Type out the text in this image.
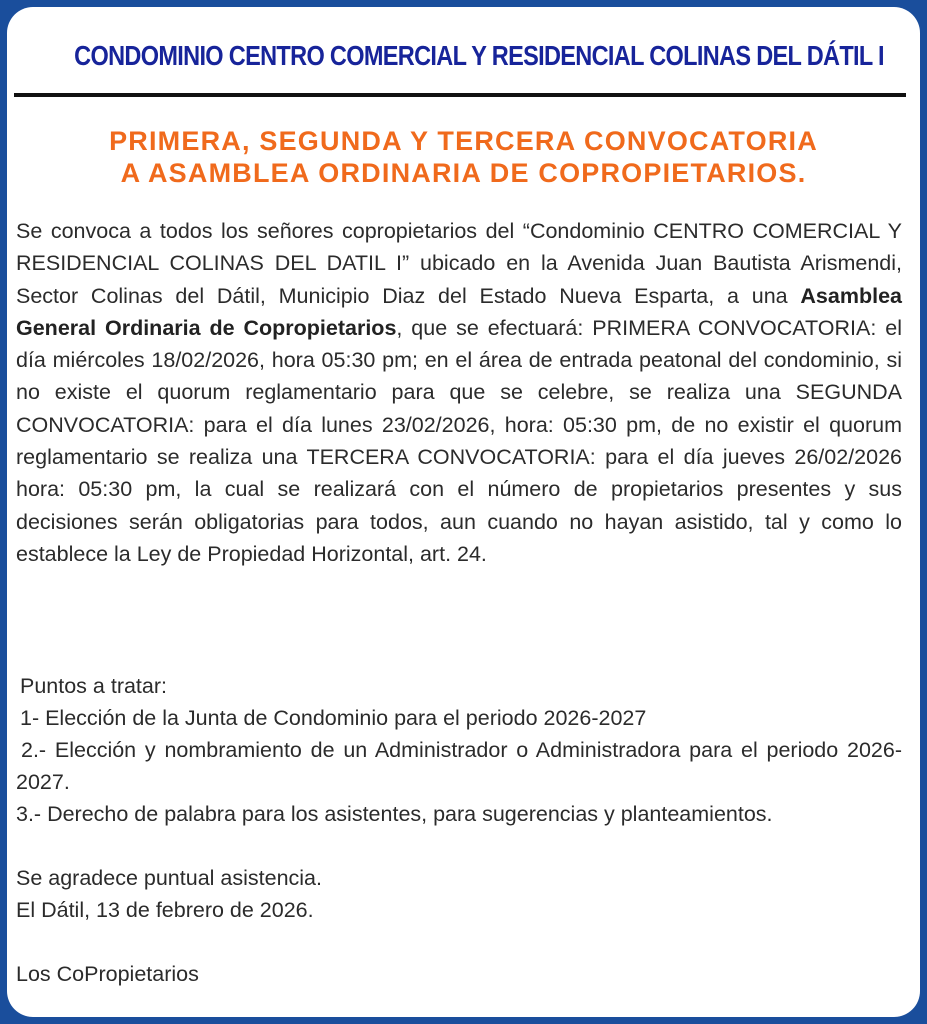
CONDOMINIO CENTRO COMERCIAL Y RESIDENCIAL COLINAS DEL DÁTIL I
PRIMERA, SEGUNDA Y TERCERA CONVOCATORIA
A ASAMBLEA ORDINARIA DE COPROPIETARIOS.
Se convoca a todos los señores copropietarios del “Condominio CENTRO COMERCIAL Y RESIDENCIAL COLINAS DEL DATIL I” ubicado en la Avenida Juan Bautista Arismendi, Sector Colinas del Dátil, Municipio Diaz del Estado Nueva Esparta, a una Asamblea General Ordinaria de Copropietarios, que se efectuará: PRIMERA CONVOCATORIA: el día miércoles 18/02/2026, hora 05:30 pm; en el área de entrada peatonal del condominio, si no existe el quorum reglamentario para que se celebre, se realiza una SEGUNDA CONVOCATORIA: para el día lunes 23/02/2026, hora: 05:30 pm, de no existir el quorum reglamentario se realiza una TERCERA CONVOCATORIA: para el día jueves 26/02/2026 hora: 05:30 pm, la cual se realizará con el número de propietarios presentes y sus decisiones serán obligatorias para todos, aun cuando no hayan asistido, tal y como lo establece la Ley de Propiedad Horizontal, art. 24.
Puntos a tratar:
1- Elección de la Junta de Condominio para el periodo 2026-2027
2.- Elección y nombramiento de un Administrador o Administradora para el periodo 2026-2027.
3.- Derecho de palabra para los asistentes, para sugerencias y planteamientos.
Se agradece puntual asistencia.
El Dátil, 13 de febrero de 2026.
Los CoPropietarios
